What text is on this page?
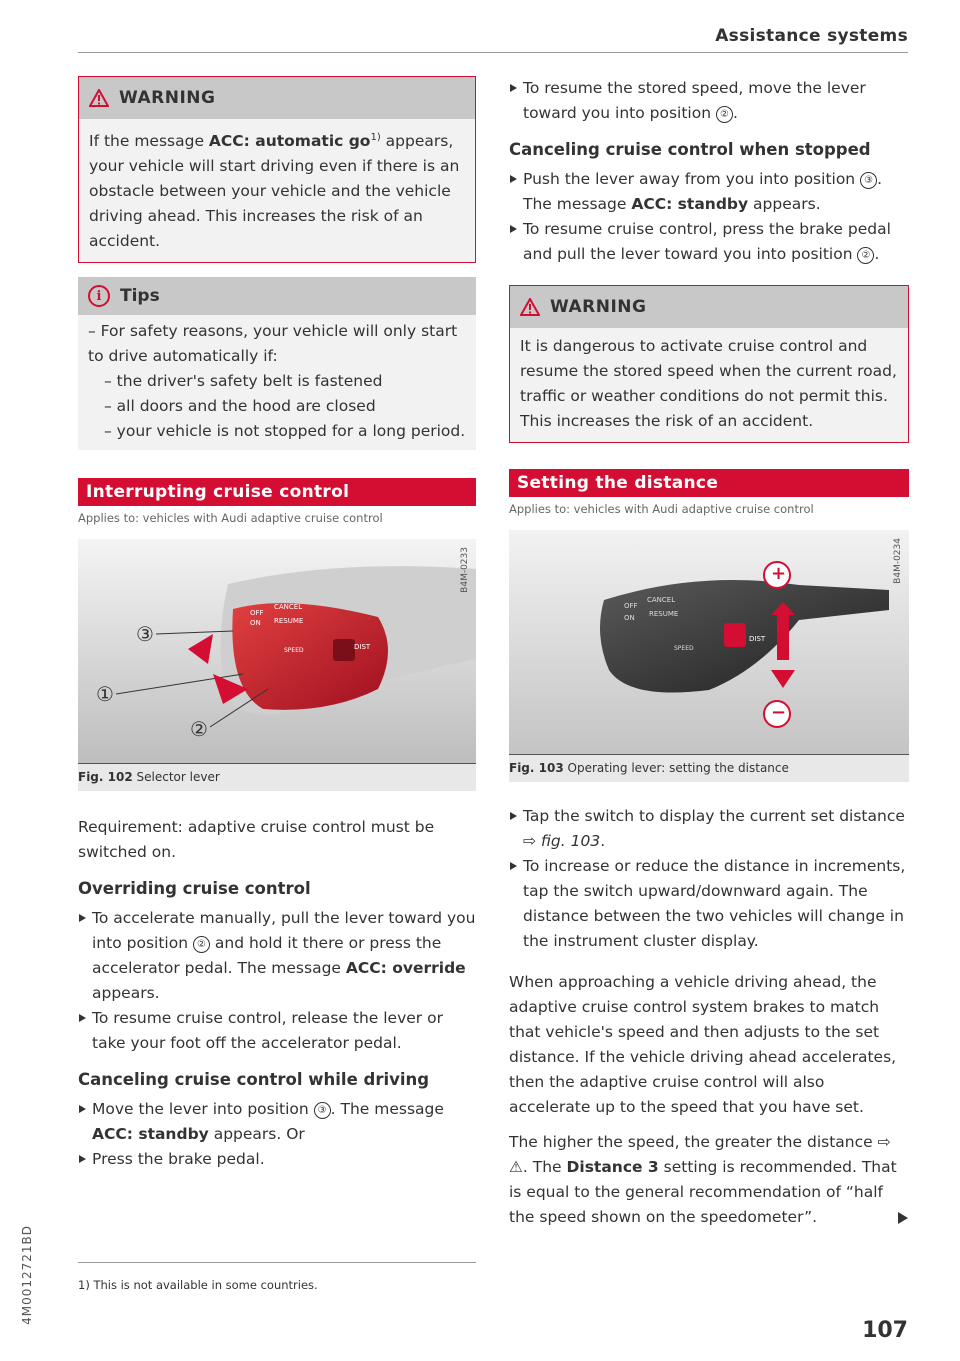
Assistance systems
WARNING

If the message ACC: automatic $go^{1)}$ appears, your vehicle will start driving even if there is an obstacle between your vehicle and the vehicle driving ahead. This increases the risk of an accident.

i	Tips
– For safety reasons, your vehicle will only start to drive automatically if:
– the driver's safety belt is fastened
– all doors and the hood are closed
– your vehicle is not stopped for a long period.
Interrupting cruise control
Applies to: vehicles with Audi adaptive cruise control
B4M-0233
③
①
②
OFF
CANCEL
ON RESUME
SPEED	DIST
Fig. 102 Selector lever

Requirement: adaptive cruise control must be switched on.

Overriding cruise control

To accelerate manually, pull the lever toward you into position ② and hold it there or press the accelerator pedal. The message ACC: override appears.

To resume cruise control, release the lever or take your foot off the accelerator pedal.

Canceling cruise control while driving

Move the lever into position ③ . The message ACC: standby appears. Or

Press the brake pedal.

To resume the stored speed, move the lever toward you into position ② .

Canceling cruise control when stopped

Push the lever away from you into position ③ . The message ACC: standby appears.

To resume cruise control, press the brake pedal and pull the lever toward you into position ② .

WARNING

It is dangerous to activate cruise control and resume the stored speed when the current road, traffic or weather conditions do not permit this. This increases the risk of an accident.

Setting the distance
Applies to: vehicles with Audi adaptive cruise control
B4M-0234
+
−
OFF
CANCEL
ON RESUME
SPEED
DIST
Fig. 103 Operating lever: setting the distance

Tap the switch to display the current set distance ⇨ fig. 103.

To increase or reduce the distance in increments, tap the switch upward/downward again. The distance between the two vehicles will change in the instrument cluster display.

When approaching a vehicle driving ahead, the adaptive cruise control system brakes to match that vehicle's speed and then adjusts to the set distance. If the vehicle driving ahead accelerates, then the adaptive cruise control will also accelerate up to the speed that you have set.

The higher the speed, the greater the distance ⇨ ⚠. The Distance 3 setting is recommended. That is equal to the general recommendation of “half the speed shown on the speedometer”.

1) This is not available in some countries.
4M0012721BD
107
